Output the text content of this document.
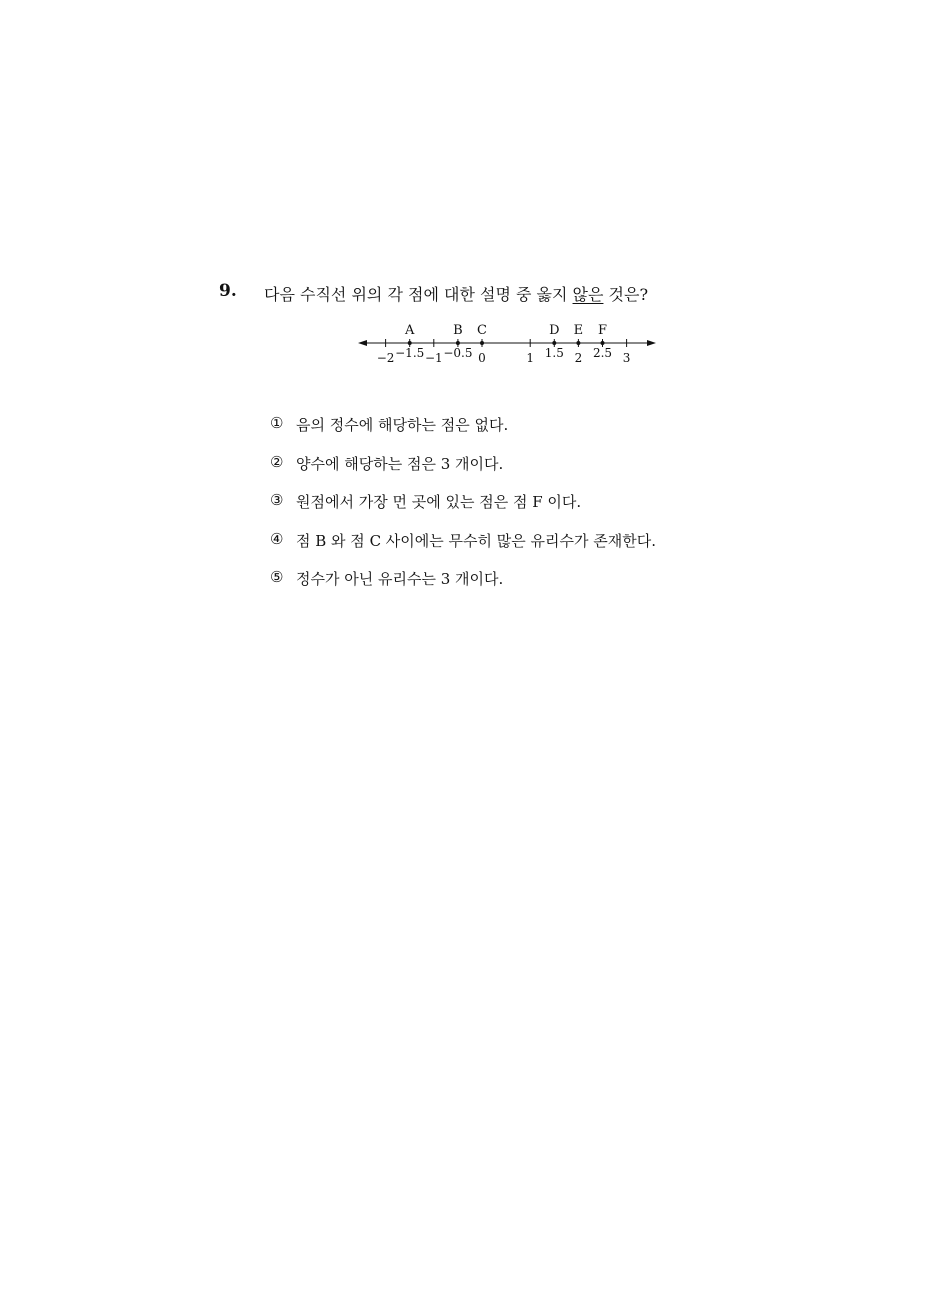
9. 다음 수직선 위의 각 점에 대한 설명 중 옳지 않은 것은?
−2 −1.5 −1 −0.5 0	1 1.5 2 2.5 3
A	B C	D E F
① 음의 정수에 해당하는 점은 없다.
② 양수에 해당하는 점은 3 개이다.
③ 원점에서 가장 먼 곳에 있는 점은 점 F 이다.
④ 점 B 와 점 C 사이에는 무수히 많은 유리수가 존재한다.
⑤ 정수가 아닌 유리수는 3 개이다.
